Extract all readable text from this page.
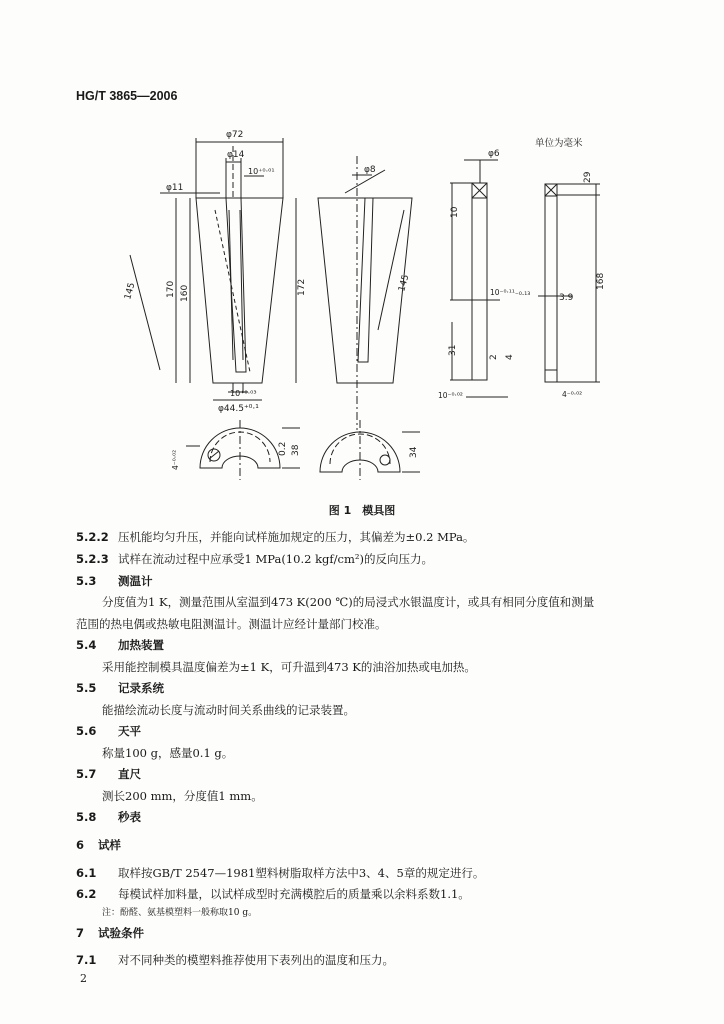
HG/T 3865—2006
单位为毫米
φ72
φ14
10⁺⁰·⁰¹
φ11
145	170 160
10⁺⁰·⁰³
φ44.5⁺⁰·¹
φ8
172	145
φ6
10
10⁻⁰·¹¹₋₀.₁₃
31
2 4
10⁻⁰·⁰²
29
168
3.9
4⁻⁰·⁰²
4⁻⁰·⁰²
0.2 38	34
图 1　模具图
5.2.2 压机能均匀升压，并能向试样施加规定的压力，其偏差为±0.2 MPa。
5.2.3 试样在流动过程中应承受1 MPa(10.2 kgf/cm²)的反向压力。
5.3 测温计
分度值为1 K，测量范围从室温到473 K(200 ℃)的局浸式水银温度计，或具有相同分度值和测量
范围的热电偶或热敏电阻测温计。测温计应经计量部门校准。
5.4 加热装置
采用能控制模具温度偏差为±1 K，可升温到473 K的油浴加热或电加热。
5.5 记录系统
能描绘流动长度与流动时间关系曲线的记录装置。
5.6 天平
称量100 g，感量0.1 g。
5.7 直尺
测长200 mm，分度值1 mm。
5.8 秒表
6 试样
6.1 取样按GB/T 2547—1981塑料树脂取样方法中3、4、5章的规定进行。
6.2 每模试样加料量，以试样成型时充满模腔后的质量乘以余料系数1.1。
注：酚醛、氨基模塑料一般称取10 g。
7 试验条件
7.1 对不同种类的模塑料推荐使用下表列出的温度和压力。
2
